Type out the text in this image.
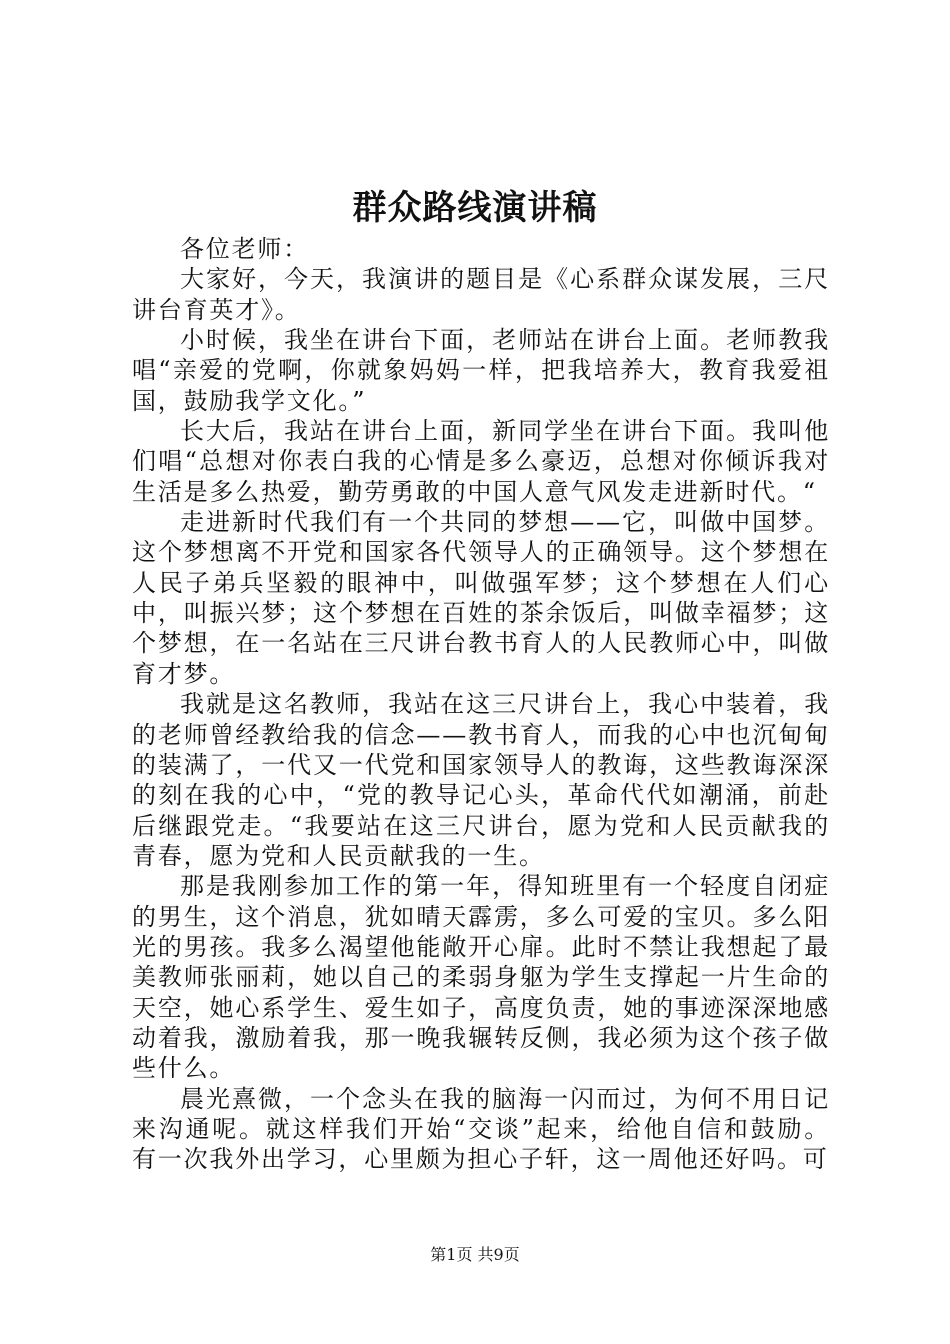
群众路线演讲稿

各位老师：

大家好，今天，我演讲的题目是《心系群众谋发展，三尺讲台育英才》。

小时候，我坐在讲台下面，老师站在讲台上面。老师教我唱“亲爱的党啊，你就象妈妈一样，把我培养大，教育我爱祖国，鼓励我学文化。”

长大后，我站在讲台上面，新同学坐在讲台下面。我叫他们唱“总想对你表白我的心情是多么豪迈，总想对你倾诉我对生活是多么热爱，勤劳勇敢的中国人意气风发走进新时代。“

走进新时代我们有一个共同的梦想——它，叫做中国梦。这个梦想离不开党和国家各代领导人的正确领导。这个梦想在人民子弟兵坚毅的眼神中，叫做强军梦；这个梦想在人们心中，叫振兴梦；这个梦想在百姓的茶余饭后，叫做幸福梦；这个梦想，在一名站在三尺讲台教书育人的人民教师心中，叫做育才梦。

我就是这名教师，我站在这三尺讲台上，我心中装着，我的老师曾经教给我的信念——教书育人，而我的心中也沉甸甸的装满了，一代又一代党和国家领导人的教诲，这些教诲深深的刻在我的心中，“党的教导记心头，革命代代如潮涌，前赴后继跟党走。“我要站在这三尺讲台，愿为党和人民贡献我的青春，愿为党和人民贡献我的一生。

那是我刚参加工作的第一年，得知班里有一个轻度自闭症的男生，这个消息，犹如晴天霹雳，多么可爱的宝贝。多么阳光的男孩。我多么渴望他能敞开心扉。此时不禁让我想起了最美教师张丽莉，她以自己的柔弱身躯为学生支撑起一片生命的天空，她心系学生、爱生如子，高度负责，她的事迹深深地感动着我，激励着我，那一晚我辗转反侧，我必须为这个孩子做些什么。

晨光熹微，一个念头在我的脑海一闪而过，为何不用日记来沟通呢。就这样我们开始“交谈”起来，给他自信和鼓励。有一次我外出学习，心里颇为担心子轩，这一周他还好吗。可

第1页 共9页
